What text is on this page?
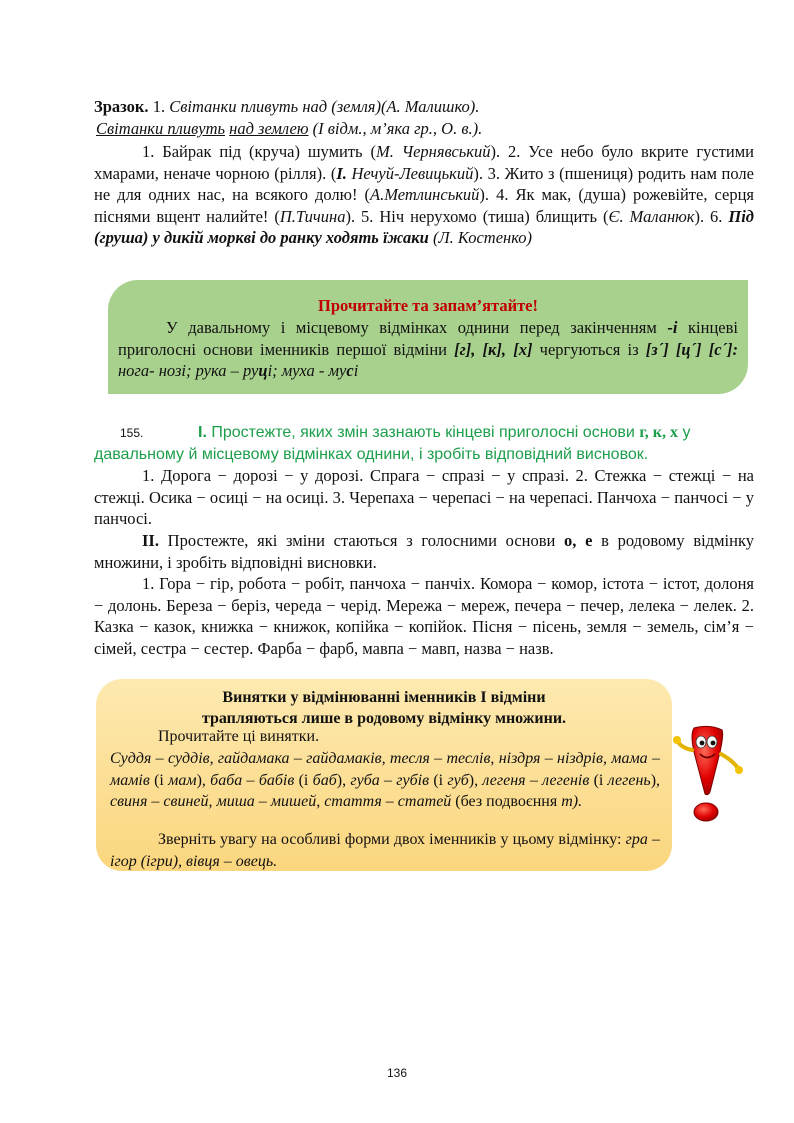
Зразок. 1. Світанки пливуть над (земля)(А. Малишко).
Світанки пливуть над землею (І відм., м’яка гр., О. в.).
1. Байрак під (круча) шумить (М. Чернявський). 2. Усе небо було вкрите густими хмарами, неначе чорною (рілля). (І. Нечуй-Левицький). 3. Жито з (пшениця) родить нам поле не для одних нас, на всякого долю! (А.Метлинський). 4. Як мак, (душа) рожевійте, серця піснями вщент налийте! (П.Тичина). 5. Ніч нерухомо (тиша) блищить (Є. Маланюк). 6. Під (груша) у дикій моркві до ранку ходять їжаки (Л. Костенко)
Прочитайте та запам’ятайте!
У давальному і місцевому відмінках однини перед закінченням -і кінцеві приголосні основи іменників першої відміни [г], [к], [х] чергуються із [з´] [ц´] [с´]: нога- нозі; рука – руці; муха - мусі
155.	І. Простежте, яких змін зазнають кінцеві приголосні основи г, к, х у давальному й місцевому відмінках однини, і зробіть відповідний висновок.
1. Дорога − дорозі − у дорозі. Спрага − спразі − у спразі. 2. Стежка − стежці − на стежці. Осика − осиці − на осиці. 3. Черепаха − черепасі − на черепасі. Панчоха − панчосі − у панчосі.
ІІ. Простежте, які зміни стаються з голосними основи о, е в родовому відмінку множини, і зробіть відповідні висновки.
1. Гора − гір, робота − робіт, панчоха − панчіх. Комора − комор, істота − істот, долоня − долонь. Береза − беріз, череда − черід. Мережа − мереж, печера − печер, лелека − лелек. 2. Казка − казок, книжка − книжок, копійка − копійок. Пісня − пісень, земля − земель, сім’я − сімей, сестра − сестер. Фарба − фарб, мавпа − мавп, назва − назв.
Винятки у відмінюванні іменників І відміни
трапляються лише в родовому відмінку множини.
Прочитайте ці винятки.
Суддя – суддів, гайдамака – гайдамаків, тесля – теслів, ніздря – ніздрів, мама – мамів (і мам), баба – бабів (і баб), губа – губів (і губ), легеня – легенів (і легень), свиня – свиней, миша – мишей, стаття – статей (без подвоєння т).
Зверніть увагу на особливі форми двох іменників у цьому відмінку: гра – ігор (ігри), вівця – овець.
136
